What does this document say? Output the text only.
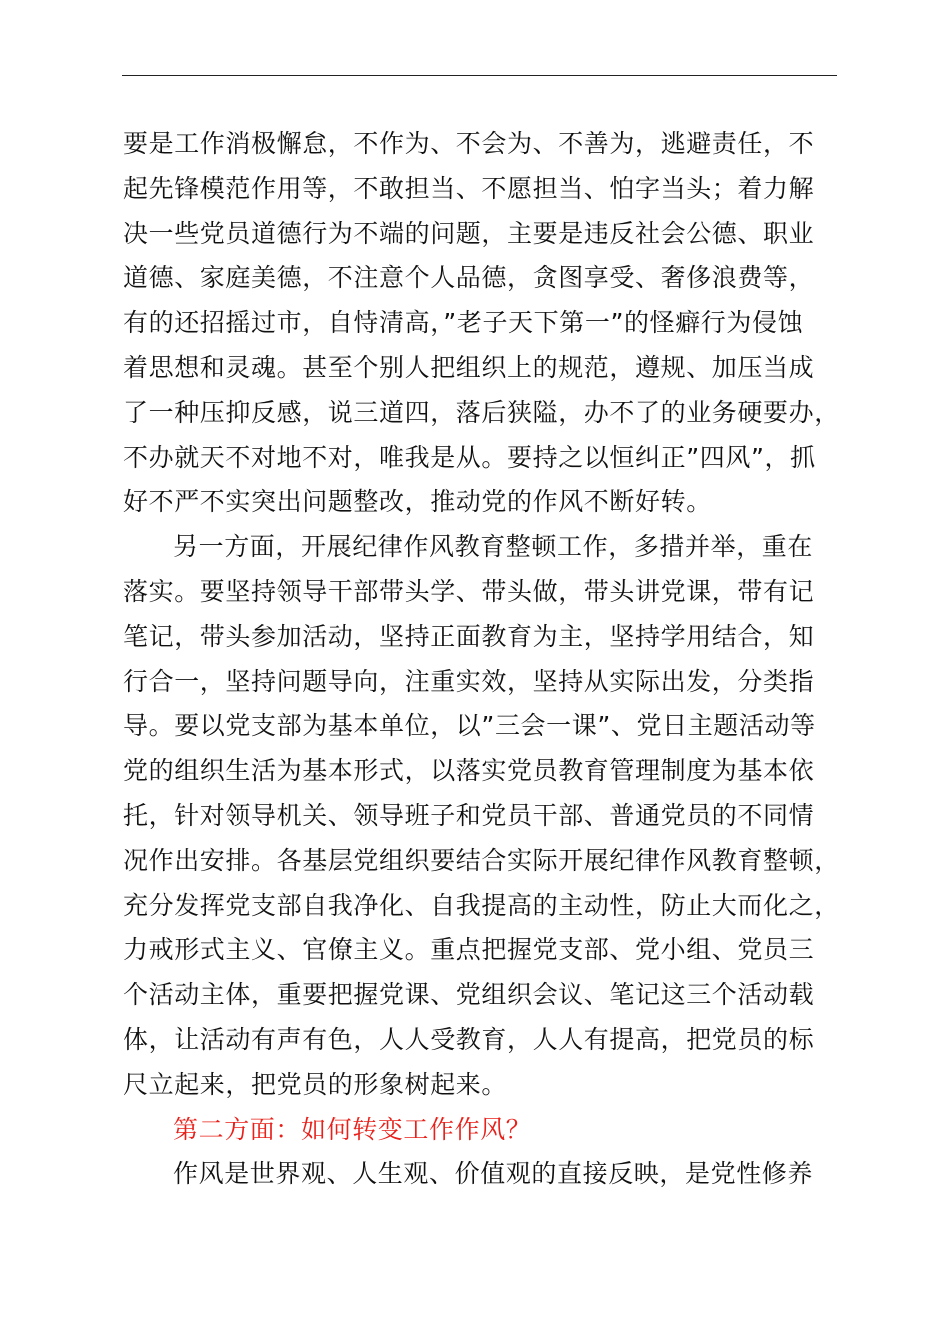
要是工作消极懈怠，不作为、不会为、不善为，逃避责任，不
起先锋模范作用等，不敢担当、不愿担当、怕字当头；着力解
决一些党员道德行为不端的问题，主要是违反社会公德、职业
道德、家庭美德，不注意个人品德，贪图享受、奢侈浪费等，
有的还招摇过市，自恃清高，”老子天下第一”的怪癖行为侵蚀
着思想和灵魂。甚至个别人把组织上的规范，遵规、加压当成
了一种压抑反感，说三道四，落后狭隘，办不了的业务硬要办，
不办就天不对地不对，唯我是从。要持之以恒纠正”四风”，抓
好不严不实突出问题整改，推动党的作风不断好转。

另一方面，开展纪律作风教育整顿工作，多措并举，重在
落实。要坚持领导干部带头学、带头做，带头讲党课，带有记
笔记，带头参加活动，坚持正面教育为主，坚持学用结合，知
行合一，坚持问题导向，注重实效，坚持从实际出发，分类指
导。要以党支部为基本单位，以”三会一课”、党日主题活动等
党的组织生活为基本形式，以落实党员教育管理制度为基本依
托，针对领导机关、领导班子和党员干部、普通党员的不同情
况作出安排。各基层党组织要结合实际开展纪律作风教育整顿，
充分发挥党支部自我净化、自我提高的主动性，防止大而化之，
力戒形式主义、官僚主义。重点把握党支部、党小组、党员三
个活动主体，重要把握党课、党组织会议、笔记这三个活动载
体，让活动有声有色，人人受教育，人人有提高，把党员的标
尺立起来，把党员的形象树起来。

第二方面：如何转变工作作风？

作风是世界观、人生观、价值观的直接反映，是党性修养
